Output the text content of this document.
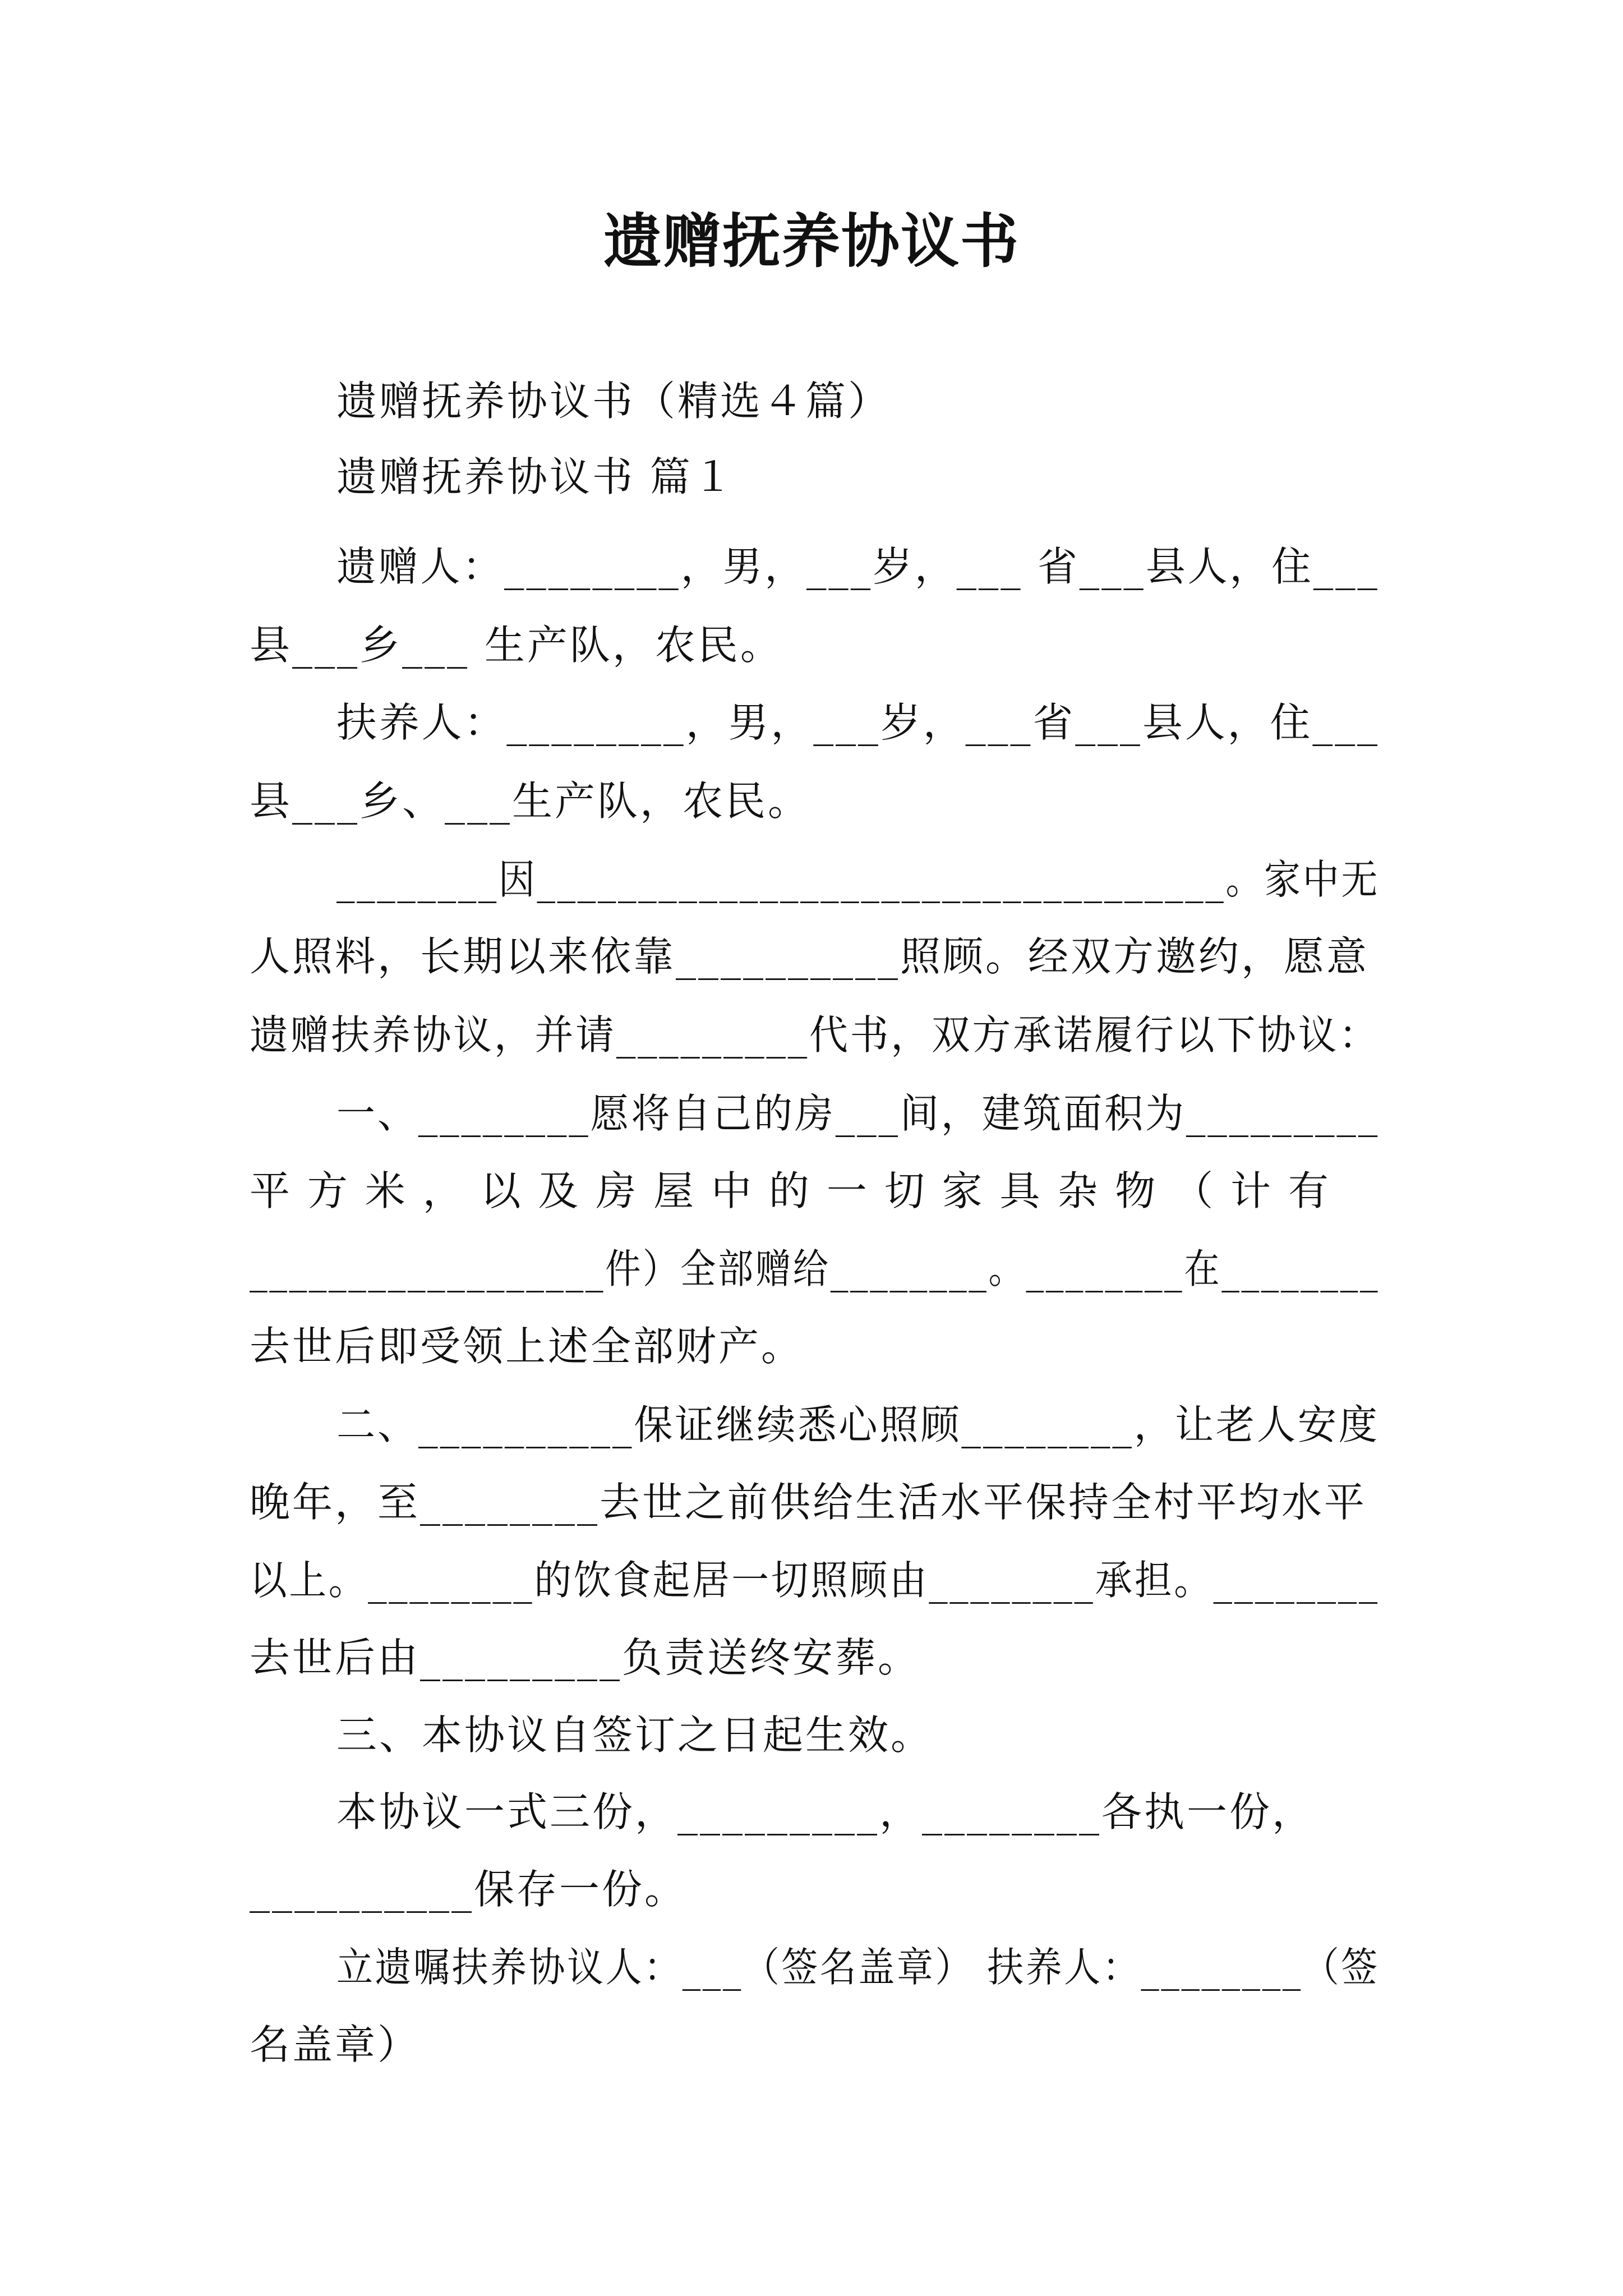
遗赠抚养协议书
遗赠抚养协议书（精选４篇）
遗赠抚养协议书 篇１
遗赠人：________，男，___岁，___ 省___县人，住___
县___乡___ 生产队，农民。
扶养人：________，男，___岁，___省___县人，住___
县___乡、___生产队，农民。
________因__________________________________。家中无
人照料，长期以来依靠__________照顾。经双方邀约，愿意
遗赠扶养协议，并请_________代书，双方承诺履行以下协议：
一、________愿将自己的房___间，建筑面积为_________
平 方 米 ， 以 及 房 屋 中 的 一 切 家 具 杂 物 （ 计 有
__________________件）全部赠给________。________在________
去世后即受领上述全部财产。
二、__________保证继续悉心照顾________，让老人安度
晚年，至________去世之前供给生活水平保持全村平均水平
以上。________的饮食起居一切照顾由________承担。________
去世后由_________负责送终安葬。
三、本协议自签订之日起生效。
本协议一式三份，_________，________各执一份，
__________保存一份。
立遗嘱扶养协议人：___（签名盖章） 扶养人：________（签
名盖章）
